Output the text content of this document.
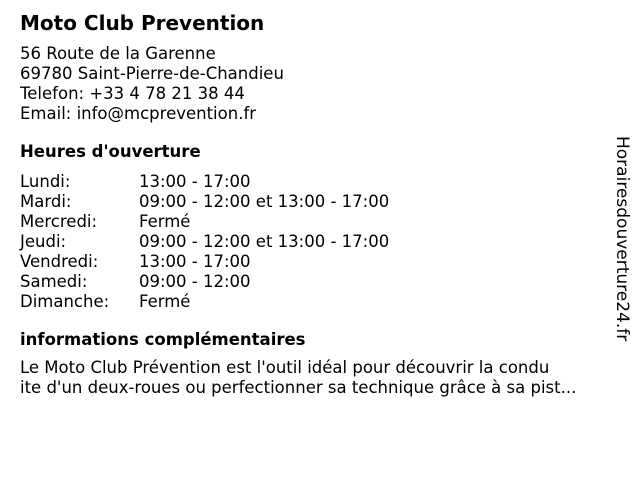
Moto Club Prevention
56 Route de la Garenne
69780 Saint-Pierre-de-Chandieu
Telefon: +33 4 78 21 38 44
Email: info@mcprevention.fr
Heures d'ouverture
Lundi:	13:00 - 17:00
Mardi:	09:00 - 12:00 et 13:00 - 17:00
Mercredi:	Fermé
Jeudi:	09:00 - 12:00 et 13:00 - 17:00
Vendredi:	13:00 - 17:00
Samedi:	09:00 - 12:00
Dimanche:	Fermé
informations complémentaires
Le Moto Club Prévention est l'outil idéal pour découvrir la condu
ite d'un deux-roues ou perfectionner sa technique grâce à sa pist...
Horairesdouverture24.fr
